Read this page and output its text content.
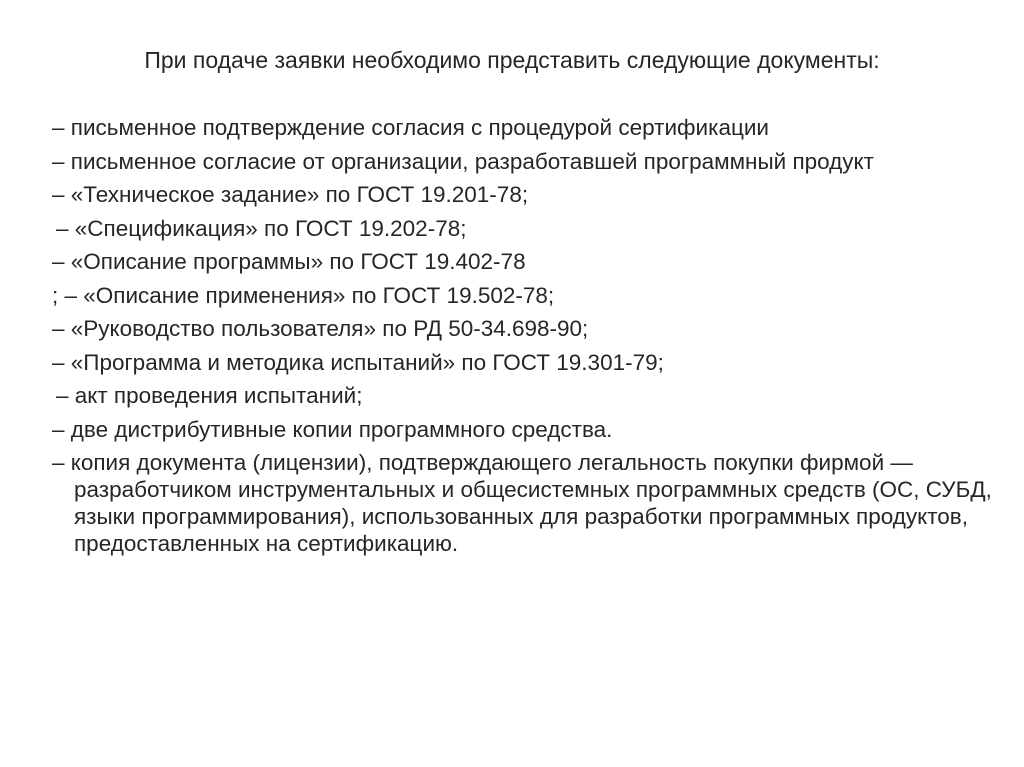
При подаче заявки необходимо представить следующие документы:
– письменное подтверждение согласия с процедурой сертификации
– письменное согласие от организации, разработавшей программный продукт
– «Техническое задание» по ГОСТ 19.201-78;
– «Спецификация» по ГОСТ 19.202-78;
– «Описание программы» по ГОСТ 19.402-78
; – «Описание применения» по ГОСТ 19.502-78;
– «Руководство пользователя» по РД 50-34.698-90;
– «Программа и методика испытаний» по ГОСТ 19.301-79;
– акт проведения испытаний;
– две дистрибутивные копии программного средства.
– копия документа (лицензии), подтверждающего легальность покупки фирмой — разработчиком инструментальных и общесистемных программных средств (ОС, СУБД, языки программирования), использованных для разработки программных продуктов, предоставленных на сертификацию.
